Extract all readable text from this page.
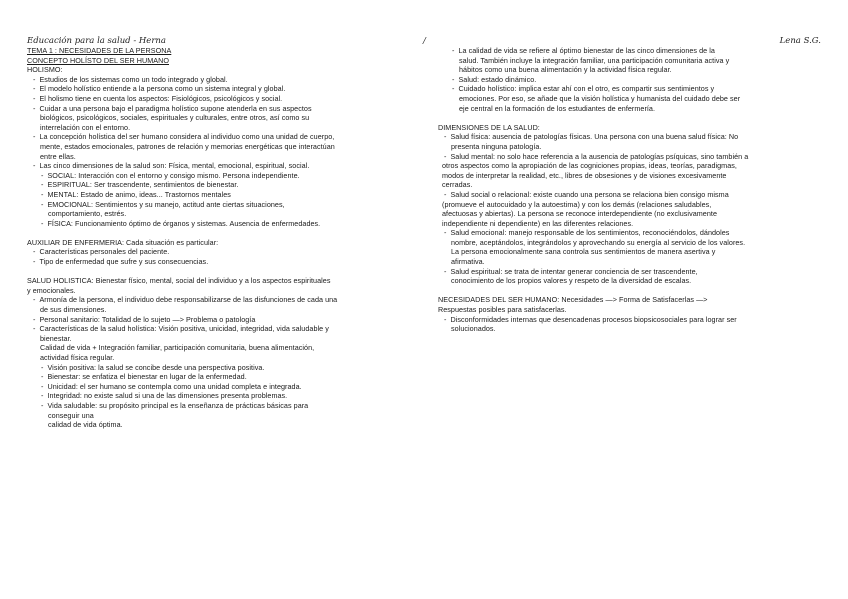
Educación para la salud - Herna	/	Lena S.G.
TEMA 1 : NECESIDADES DE LA PERSONA
CONCEPTO HOLÍSTO DEL SER HUMANO
HOLISMO:
- Estudios de los sistemas como un todo integrado y global.
- El modelo holístico entiende a la persona como un sistema integral y global.
- El holismo tiene en cuenta los aspectos: Fisiológicos, psicológicos y social.
- Cuidar a una persona bajo el paradigma holístico supone atenderla en sus aspectos
biológicos, psicológicos, sociales, espirituales y culturales, entre otros, así como su
interrelación con el entorno.
- La concepción holística del ser humano considera al individuo como una unidad de cuerpo,
mente, estados emocionales, patrones de relación y memorias energéticas que interactúan
entre ellas.
- Las cinco dimensiones de la salud son: Física, mental, emocional, espiritual, social.
- SOCIAL: Interacción con el entorno y consigo mismo. Persona independiente.
- ESPIRITUAL: Ser trascendente, sentimientos de bienestar.
- MENTAL: Estado de animo, ideas... Trastornos mentales
- EMOCIONAL: Sentimientos y su manejo, actitud ante ciertas situaciones,
comportamiento, estrés.
- FÍSICA: Funcionamiento óptimo de órganos y sistemas. Ausencia de enfermedades.
AUXILIAR DE ENFERMERIA: Cada situación es particular:
- Características personales del paciente.
- Tipo de enfermedad que sufre y sus consecuencias.
SALUD HOLISTICA: Bienestar físico, mental, social del individuo y a los aspectos espirituales
y emocionales.
- Armonía de la persona, el individuo debe responsabilizarse de las disfunciones de cada una
de sus dimensiones.
- Personal sanitario: Totalidad de lo sujeto —> Problema o patología
- Características de la salud holística: Visión positiva, unicidad, integridad, vida saludable y
bienestar.
Calidad de vida + Integración familiar, participación comunitaria, buena alimentación,
actividad física regular.
- Visión positiva: la salud se concibe desde una perspectiva positiva.
- Bienestar: se enfatiza el bienestar en lugar de la enfermedad.
- Unicidad: el ser humano se contempla como una unidad completa e integrada.
- Integridad: no existe salud si una de las dimensiones presenta problemas.
- Vida saludable: su propósito principal es la enseñanza de prácticas básicas para
conseguir una
calidad de vida óptima.
- La calidad de vida se refiere al óptimo bienestar de las cinco dimensiones de la
salud. También incluye la integración familiar, una participación comunitaria activa y
hábitos como una buena alimentación y la actividad física regular.
- Salud: estado dinámico.
- Cuidado holístico: implica estar ahí con el otro, es compartir sus sentimientos y
emociones. Por eso, se añade que la visión holística y humanista del cuidado debe ser
eje central en la formación de los estudiantes de enfermería.
DIMENSIONES DE LA SALUD:
- Salud física: ausencia de patologías físicas. Una persona con una buena salud física: No
presenta ninguna patología.
- Salud mental: no solo hace referencia a la ausencia de patologías psíquicas, sino también a
otros aspectos como la apropiación de las cogniciones propias, ideas, teorías, paradigmas,
modos de interpretar la realidad, etc., libres de obsesiones y de visiones excesivamente
cerradas.
- Salud social o relacional: existe cuando una persona se relaciona bien consigo misma
(promueve el autocuidado y la autoestima) y con los demás (relaciones saludables,
afectuosas y abiertas). La persona se reconoce interdependiente (no exclusivamente
independiente ni dependiente) en las diferentes relaciones.
- Salud emocional: manejo responsable de los sentimientos, reconociéndolos, dándoles
nombre, aceptándolos, integrándolos y aprovechando su energía al servicio de los valores.
La persona emocionalmente sana controla sus sentimientos de manera asertiva y
afirmativa.
- Salud espiritual: se trata de intentar generar conciencia de ser trascendente,
conocimiento de los propios valores y respeto de la diversidad de escalas.
NECESIDADES DEL SER HUMANO: Necesidades —> Forma de Satisfacerlas —>
Respuestas posibles para satisfacerlas.
- Disconformidades internas que desencadenas procesos biopsicosociales para lograr ser
solucionados.
